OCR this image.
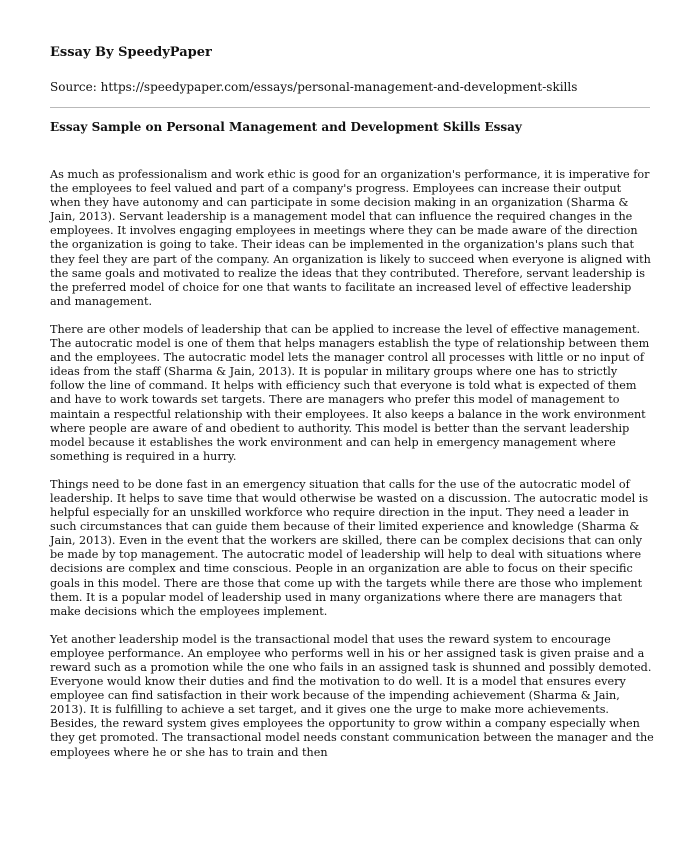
Essay By SpeedyPaper
Source: https://speedypaper.com/essays/personal-management-and-development-skills
Essay Sample on Personal Management and Development Skills Essay

As much as professionalism and work ethic is good for an organization's performance, it is imperative for the employees to feel valued and part of a company's progress. Employees can increase their output when they have autonomy and can participate in some decision making in an organization (Sharma & Jain, 2013). Servant leadership is a management model that can influence the required changes in the employees. It involves engaging employees in meetings where they can be made aware of the direction the organization is going to take. Their ideas can be implemented in the organization's plans such that they feel they are part of the company. An organization is likely to succeed when everyone is aligned with the same goals and motivated to realize the ideas that they contributed. Therefore, servant leadership is the preferred model of choice for one that wants to facilitate an increased level of effective leadership and management.

There are other models of leadership that can be applied to increase the level of effective management. The autocratic model is one of them that helps managers establish the type of relationship between them and the employees. The autocratic model lets the manager control all processes with little or no input of ideas from the staff (Sharma & Jain, 2013). It is popular in military groups where one has to strictly follow the line of command. It helps with efficiency such that everyone is told what is expected of them and have to work towards set targets. There are managers who prefer this model of management to maintain a respectful relationship with their employees. It also keeps a balance in the work environment where people are aware of and obedient to authority. This model is better than the servant leadership model because it establishes the work environment and can help in emergency management where something is required in a hurry.

Things need to be done fast in an emergency situation that calls for the use of the autocratic model of leadership. It helps to save time that would otherwise be wasted on a discussion. The autocratic model is helpful especially for an unskilled workforce who require direction in the input. They need a leader in such circumstances that can guide them because of their limited experience and knowledge (Sharma & Jain, 2013). Even in the event that the workers are skilled, there can be complex decisions that can only be made by top management. The autocratic model of leadership will help to deal with situations where decisions are complex and time conscious. People in an organization are able to focus on their specific goals in this model. There are those that come up with the targets while there are those who implement them. It is a popular model of leadership used in many organizations where there are managers that make decisions which the employees implement.

Yet another leadership model is the transactional model that uses the reward system to encourage employee performance. An employee who performs well in his or her assigned task is given praise and a reward such as a promotion while the one who fails in an assigned task is shunned and possibly demoted. Everyone would know their duties and find the motivation to do well. It is a model that ensures every employee can find satisfaction in their work because of the impending achievement (Sharma & Jain, 2013). It is fulfilling to achieve a set target, and it gives one the urge to make more achievements. Besides, the reward system gives employees the opportunity to grow within a company especially when they get promoted. The transactional model needs constant communication between the manager and the employees where he or she has to train and then
